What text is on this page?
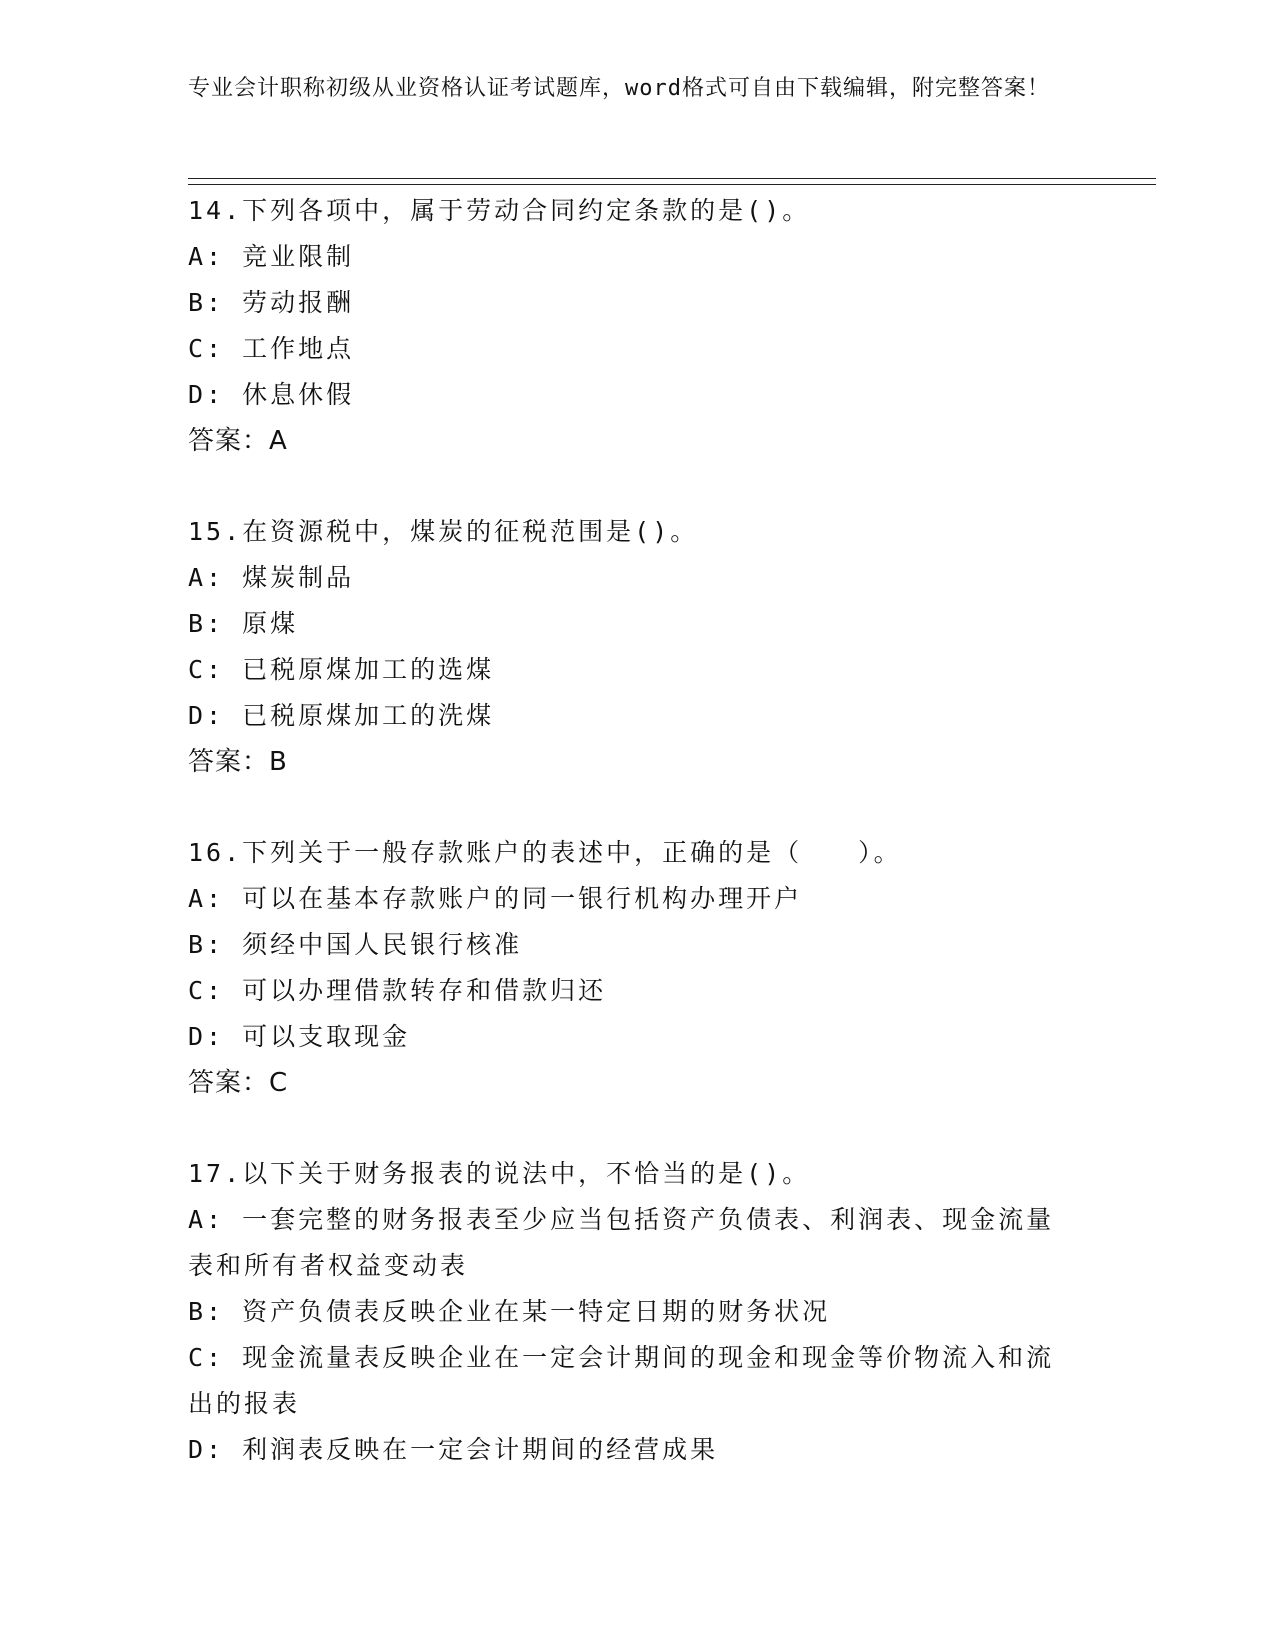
专业会计职称初级从业资格认证考试题库，word格式可自由下载编辑，附完整答案！
14.下列各项中，属于劳动合同约定条款的是()。
A: 竞业限制
B: 劳动报酬
C: 工作地点
D: 休息休假
答案：A
15.在资源税中，煤炭的征税范围是()。
A: 煤炭制品
B: 原煤
C: 已税原煤加工的选煤
D: 已税原煤加工的洗煤
答案：B
16.下列关于一般存款账户的表述中，正确的是（　　）。
A: 可以在基本存款账户的同一银行机构办理开户
B: 须经中国人民银行核准
C: 可以办理借款转存和借款归还
D: 可以支取现金
答案：C
17.以下关于财务报表的说法中，不恰当的是()。
A: 一套完整的财务报表至少应当包括资产负债表、利润表、现金流量表和所有者权益变动表
B: 资产负债表反映企业在某一特定日期的财务状况
C: 现金流量表反映企业在一定会计期间的现金和现金等价物流入和流出的报表
D: 利润表反映在一定会计期间的经营成果
